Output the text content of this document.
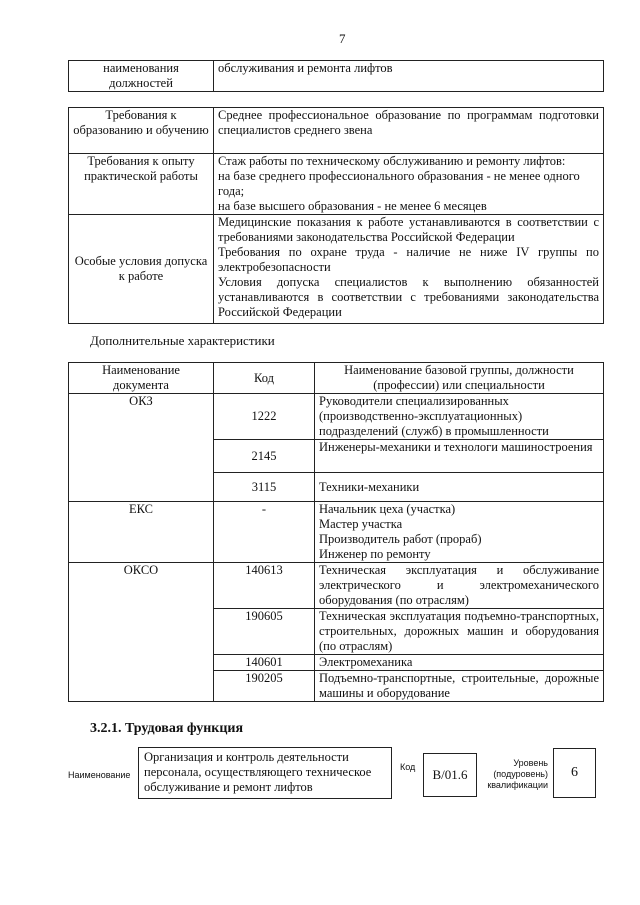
7
наименования должностей	обслуживания и ремонта лифтов
Требования к образованию и обучению	Среднее профессиональное образование по программам подготовки специалистов среднего звена
Требования к опыту практической работы	Стаж работы по техническому обслуживанию и ремонту лифтов:
на базе среднего профессионального образования - не менее одного года;
на базе высшего образования - не менее 6 месяцев

Особые условия допуска к работе	Медицинские показания к работе устанавливаются в соответствии с требованиями законодательства Российской Федерации
Требования по охране труда - наличие не ниже IV группы по электробезопасности
Условия допуска специалистов к выполнению обязанностей устанавливаются в соответствии с требованиями законодательства Российской Федерации
Дополнительные характеристики
Наименование документа	Код	Наименование базовой группы, должности (профессии) или специальности
ОКЗ	1222	Руководители специализированных (производственно-эксплуатационных) подразделений (служб) в промышленности
	2145	Инженеры-механики и технологи машиностроения
	3115	Техники-механики
ЕКС	-	Начальник цеха (участка)
Мастер участка
Производитель работ (прораб)
Инженер по ремонту
ОКСО	140613	Техническая эксплуатация и обслуживание электрического и электромеханического оборудования (по отраслям)
	190605	Техническая эксплуатация подъемно-транспортных, строительных, дорожных машин и оборудования (по отраслям)
	140601	Электромеханика
	190205	Подъемно-транспортные, строительные, дорожные машины и оборудование
3.2.1. Трудовая функция
Наименование
Организация и контроль деятельности персонала, осуществляющего техническое обслуживание и ремонт лифтов
Код В/01.6
Уровень (подуровень) квалификации
6
